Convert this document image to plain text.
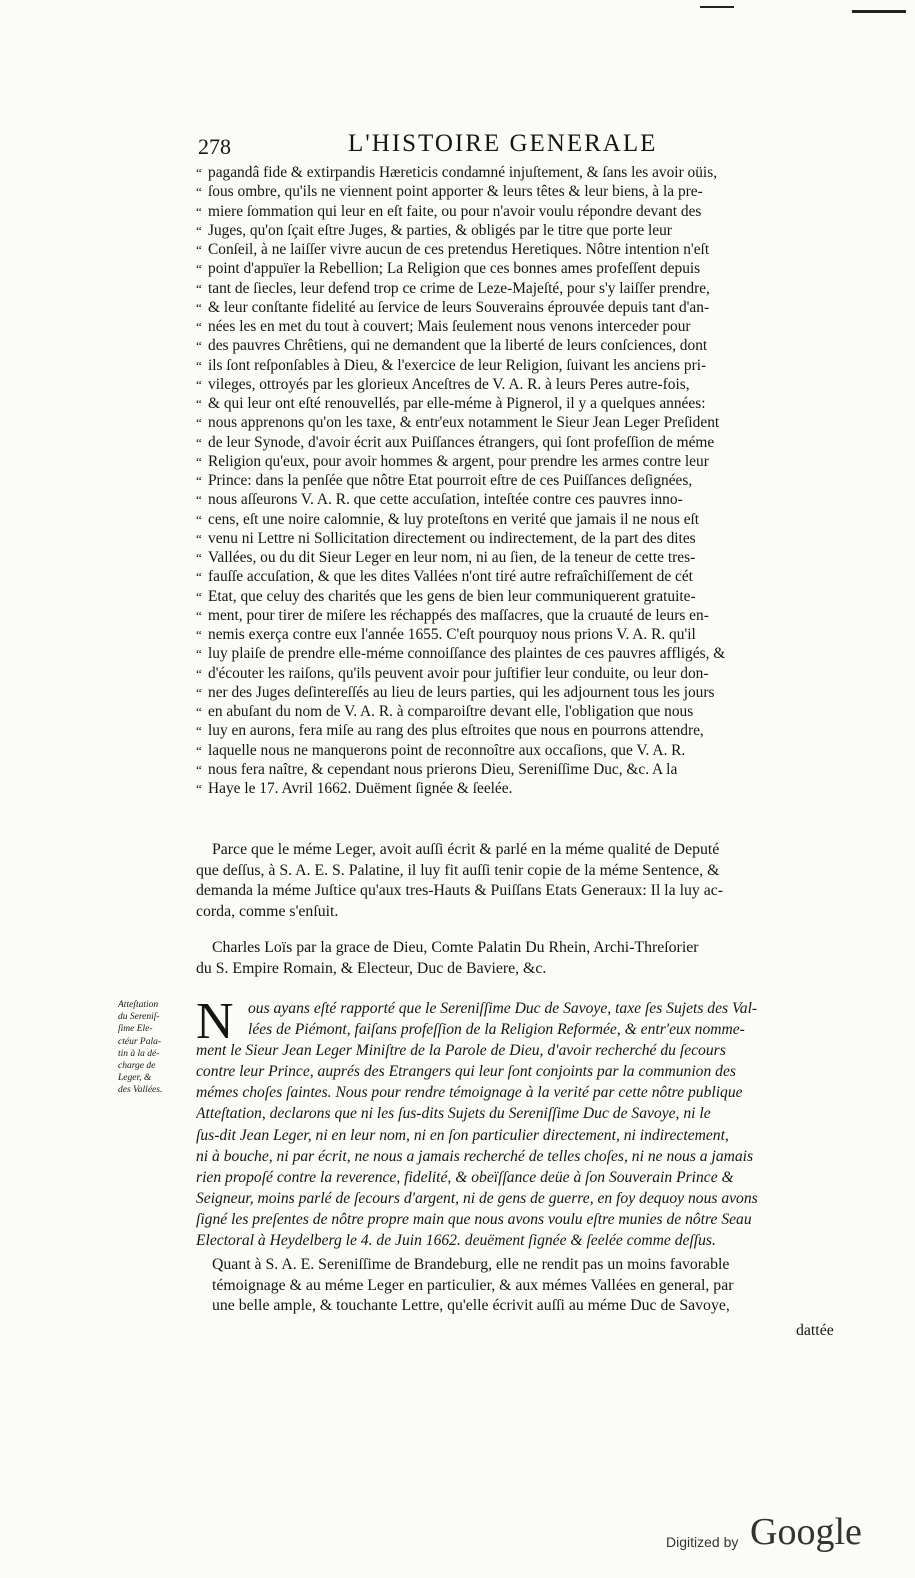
278	L'HISTOIRE GENERALE
“ pagandâ fide & extirpandis Hæreticis condamné injuſtement, & ſans les avoir oüis,
“ ſous ombre, qu'ils ne viennent point apporter & leurs têtes & leur biens, à la pre-
“ miere ſommation qui leur en eſt faite, ou pour n'avoir voulu répondre devant des
“ Juges, qu'on ſçait eſtre Juges, & parties, & obligés par le titre que porte leur
“ Conſeil, à ne laiſſer vivre aucun de ces pretendus Heretiques. Nôtre intention n'eſt
“ point d'appuïer la Rebellion; La Religion que ces bonnes ames profeſſent depuis
“ tant de ſiecles, leur defend trop ce crime de Leze-Majeſté, pour s'y laiſſer prendre,
“ & leur conſtante fidelité au ſervice de leurs Souverains éprouvée depuis tant d'an-
“ nées les en met du tout à couvert; Mais ſeulement nous venons interceder pour
“ des pauvres Chrêtiens, qui ne demandent que la liberté de leurs conſciences, dont
“ ils ſont reſponſables à Dieu, & l'exercice de leur Religion, ſuivant les anciens pri-
“ vileges, ottroyés par les glorieux Anceſtres de V. A. R. à leurs Peres autre-fois,
“ & qui leur ont eſté renouvellés, par elle-méme à Pignerol, il y a quelques années:
“ nous apprenons qu'on les taxe, & entr'eux notamment le Sieur Jean Leger Preſident
“ de leur Synode, d'avoir écrit aux Puiſſances étrangers, qui ſont profeſſion de méme
“ Religion qu'eux, pour avoir hommes & argent, pour prendre les armes contre leur
“ Prince: dans la penſée que nôtre Etat pourroit eſtre de ces Puiſſances deſignées,
“ nous aſſeurons V. A. R. que cette accuſation, inteſtée contre ces pauvres inno-
“ cens, eſt une noire calomnie, & luy proteſtons en verité que jamais il ne nous eſt
“ venu ni Lettre ni Sollicitation directement ou indirectement, de la part des dites
“ Vallées, ou du dit Sieur Leger en leur nom, ni au ſien, de la teneur de cette tres-
“ fauſſe accuſation, & que les dites Vallées n'ont tiré autre refraîchiſſement de cét
“ Etat, que celuy des charités que les gens de bien leur communiquerent gratuite-
“ ment, pour tirer de miſere les réchappés des maſſacres, que la cruauté de leurs en-
“ nemis exerça contre eux l'année 1655. C'eſt pourquoy nous prions V. A. R. qu'il
“ luy plaiſe de prendre elle-méme connoiſſance des plaintes de ces pauvres affligés, &
“ d'écouter les raiſons, qu'ils peuvent avoir pour juſtifier leur conduite, ou leur don-
“ ner des Juges deſintereſſés au lieu de leurs parties, qui les adjournent tous les jours
“ en abuſant du nom de V. A. R. à comparoiſtre devant elle, l'obligation que nous
“ luy en aurons, fera miſe au rang des plus eſtroites que nous en pourrons attendre,
“ laquelle nous ne manquerons point de reconnoître aux occaſions, que V. A. R.
“ nous fera naître, & cependant nous prierons Dieu, Sereniſſime Duc, &c. A la
“ Haye le 17. Avril 1662. Duëment ſignée & ſeelée.
Parce que le méme Leger, avoit auſſi écrit & parlé en la méme qualité de Deputé
que deſſus, à S. A. E. S. Palatine, il luy fit auſſi tenir copie de la méme Sentence, &
demanda la méme Juſtice qu'aux tres-Hauts & Puiſſans Etats Generaux: Il la luy ac-
corda, comme s'enſuit.
Charles Loïs par la grace de Dieu, Comte Palatin Du Rhein, Archi-Threſorier
du S. Empire Romain, & Electeur, Duc de Baviere, &c.
Atteſtation
du Sereniſ-
ſime Ele-
ctéur Pala-
tin à la dé-
charge de
Leger, &
des Vallées.
N ous ayans eſté rapporté que le Sereniſſime Duc de Savoye, taxe ſes Sujets des Val-
lées de Piémont, faiſans profeſſion de la Religion Reformée, & entr'eux nomme-
ment le Sieur Jean Leger Miniſtre de la Parole de Dieu, d'avoir recherché du ſecours
contre leur Prince, auprés des Etrangers qui leur ſont conjoints par la communion des
mémes choſes ſaintes. Nous pour rendre témoignage à la verité par cette nôtre publique
Atteſtation, declarons que ni les ſus-dits Sujets du Sereniſſime Duc de Savoye, ni le
ſus-dit Jean Leger, ni en leur nom, ni en ſon particulier directement, ni indirectement,
ni à bouche, ni par écrit, ne nous a jamais recherché de telles choſes, ni ne nous a jamais
rien propoſé contre la reverence, fidelité, & obeïſſance deüe à ſon Souverain Prince &
Seigneur, moins parlé de ſecours d'argent, ni de gens de guerre, en foy dequoy nous avons
ſigné les preſentes de nôtre propre main que nous avons voulu eſtre munies de nôtre Seau
Electoral à Heydelberg le 4. de Juin 1662. deuëment ſignée & ſeelée comme deſſus.
Quant à S. A. E. Sereniſſime de Brandeburg, elle ne rendit pas un moins favorable
témoignage & au méme Leger en particulier, & aux mémes Vallées en general, par
une belle ample, & touchante Lettre, qu'elle écrivit auſſi au méme Duc de Savoye,
dattée
Digitized by Google
